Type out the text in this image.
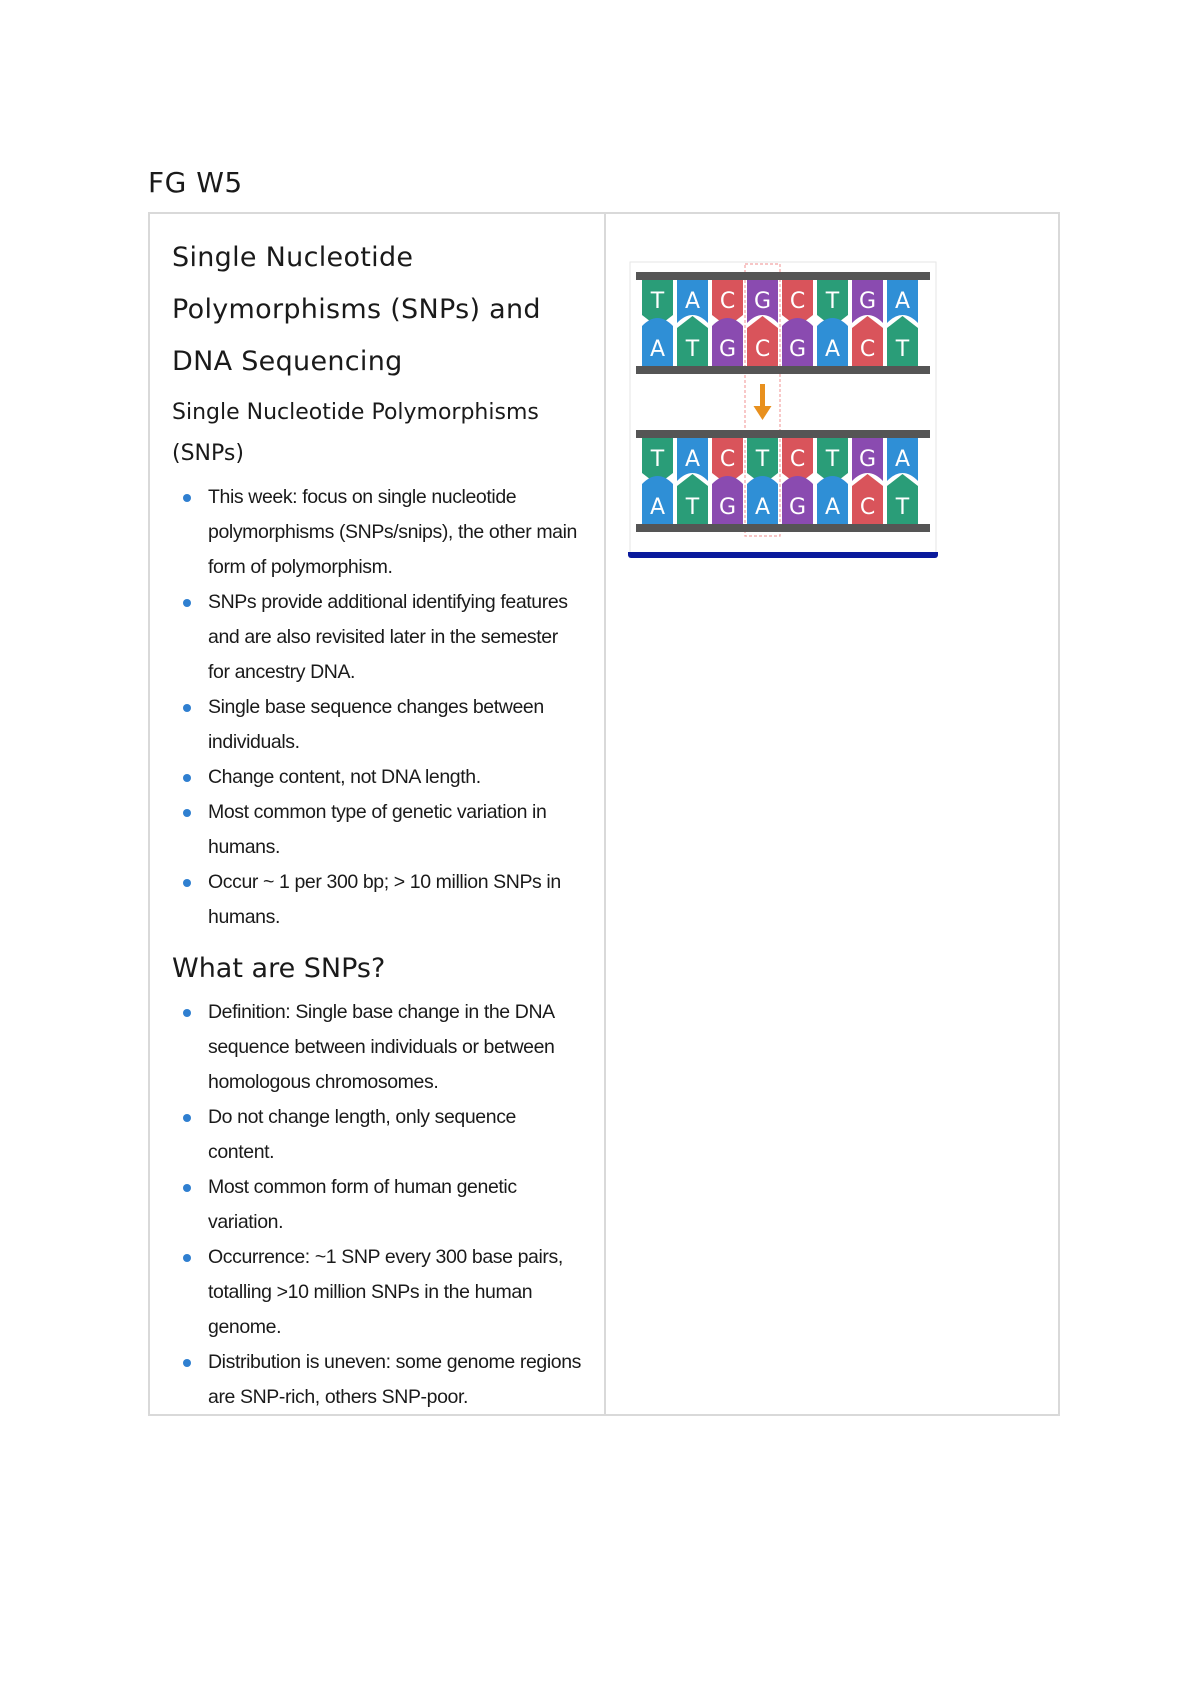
FG W5
Single Nucleotide
Polymorphisms (SNPs) and
DNA Sequencing
Single Nucleotide Polymorphisms
(SNPs)
This week: focus on single nucleotide polymorphisms (SNPs/snips), the other main form of polymorphism.
SNPs provide additional identifying features and are also revisited later in the semester for ancestry DNA.
Single base sequence changes between individuals.
Change content, not DNA length.
Most common type of genetic variation in humans.
Occur ~ 1 per 300 bp; > 10 million SNPs in humans.
What are SNPs?
Definition: Single base change in the DNA sequence between individuals or between homologous chromosomes.
Do not change length, only sequence content.
Most common form of human genetic variation.
Occurrence: ~1 SNP every 300 base pairs, totalling >10 million SNPs in the human genome.
Distribution is uneven: some genome regions are SNP-rich, others SNP-poor.
T
A
A
T
C
G
G
C
C
G
T
A
G
C
A
T
T
A
A
T
C
G
T
A
C
G
T
A
G
C
A
T
